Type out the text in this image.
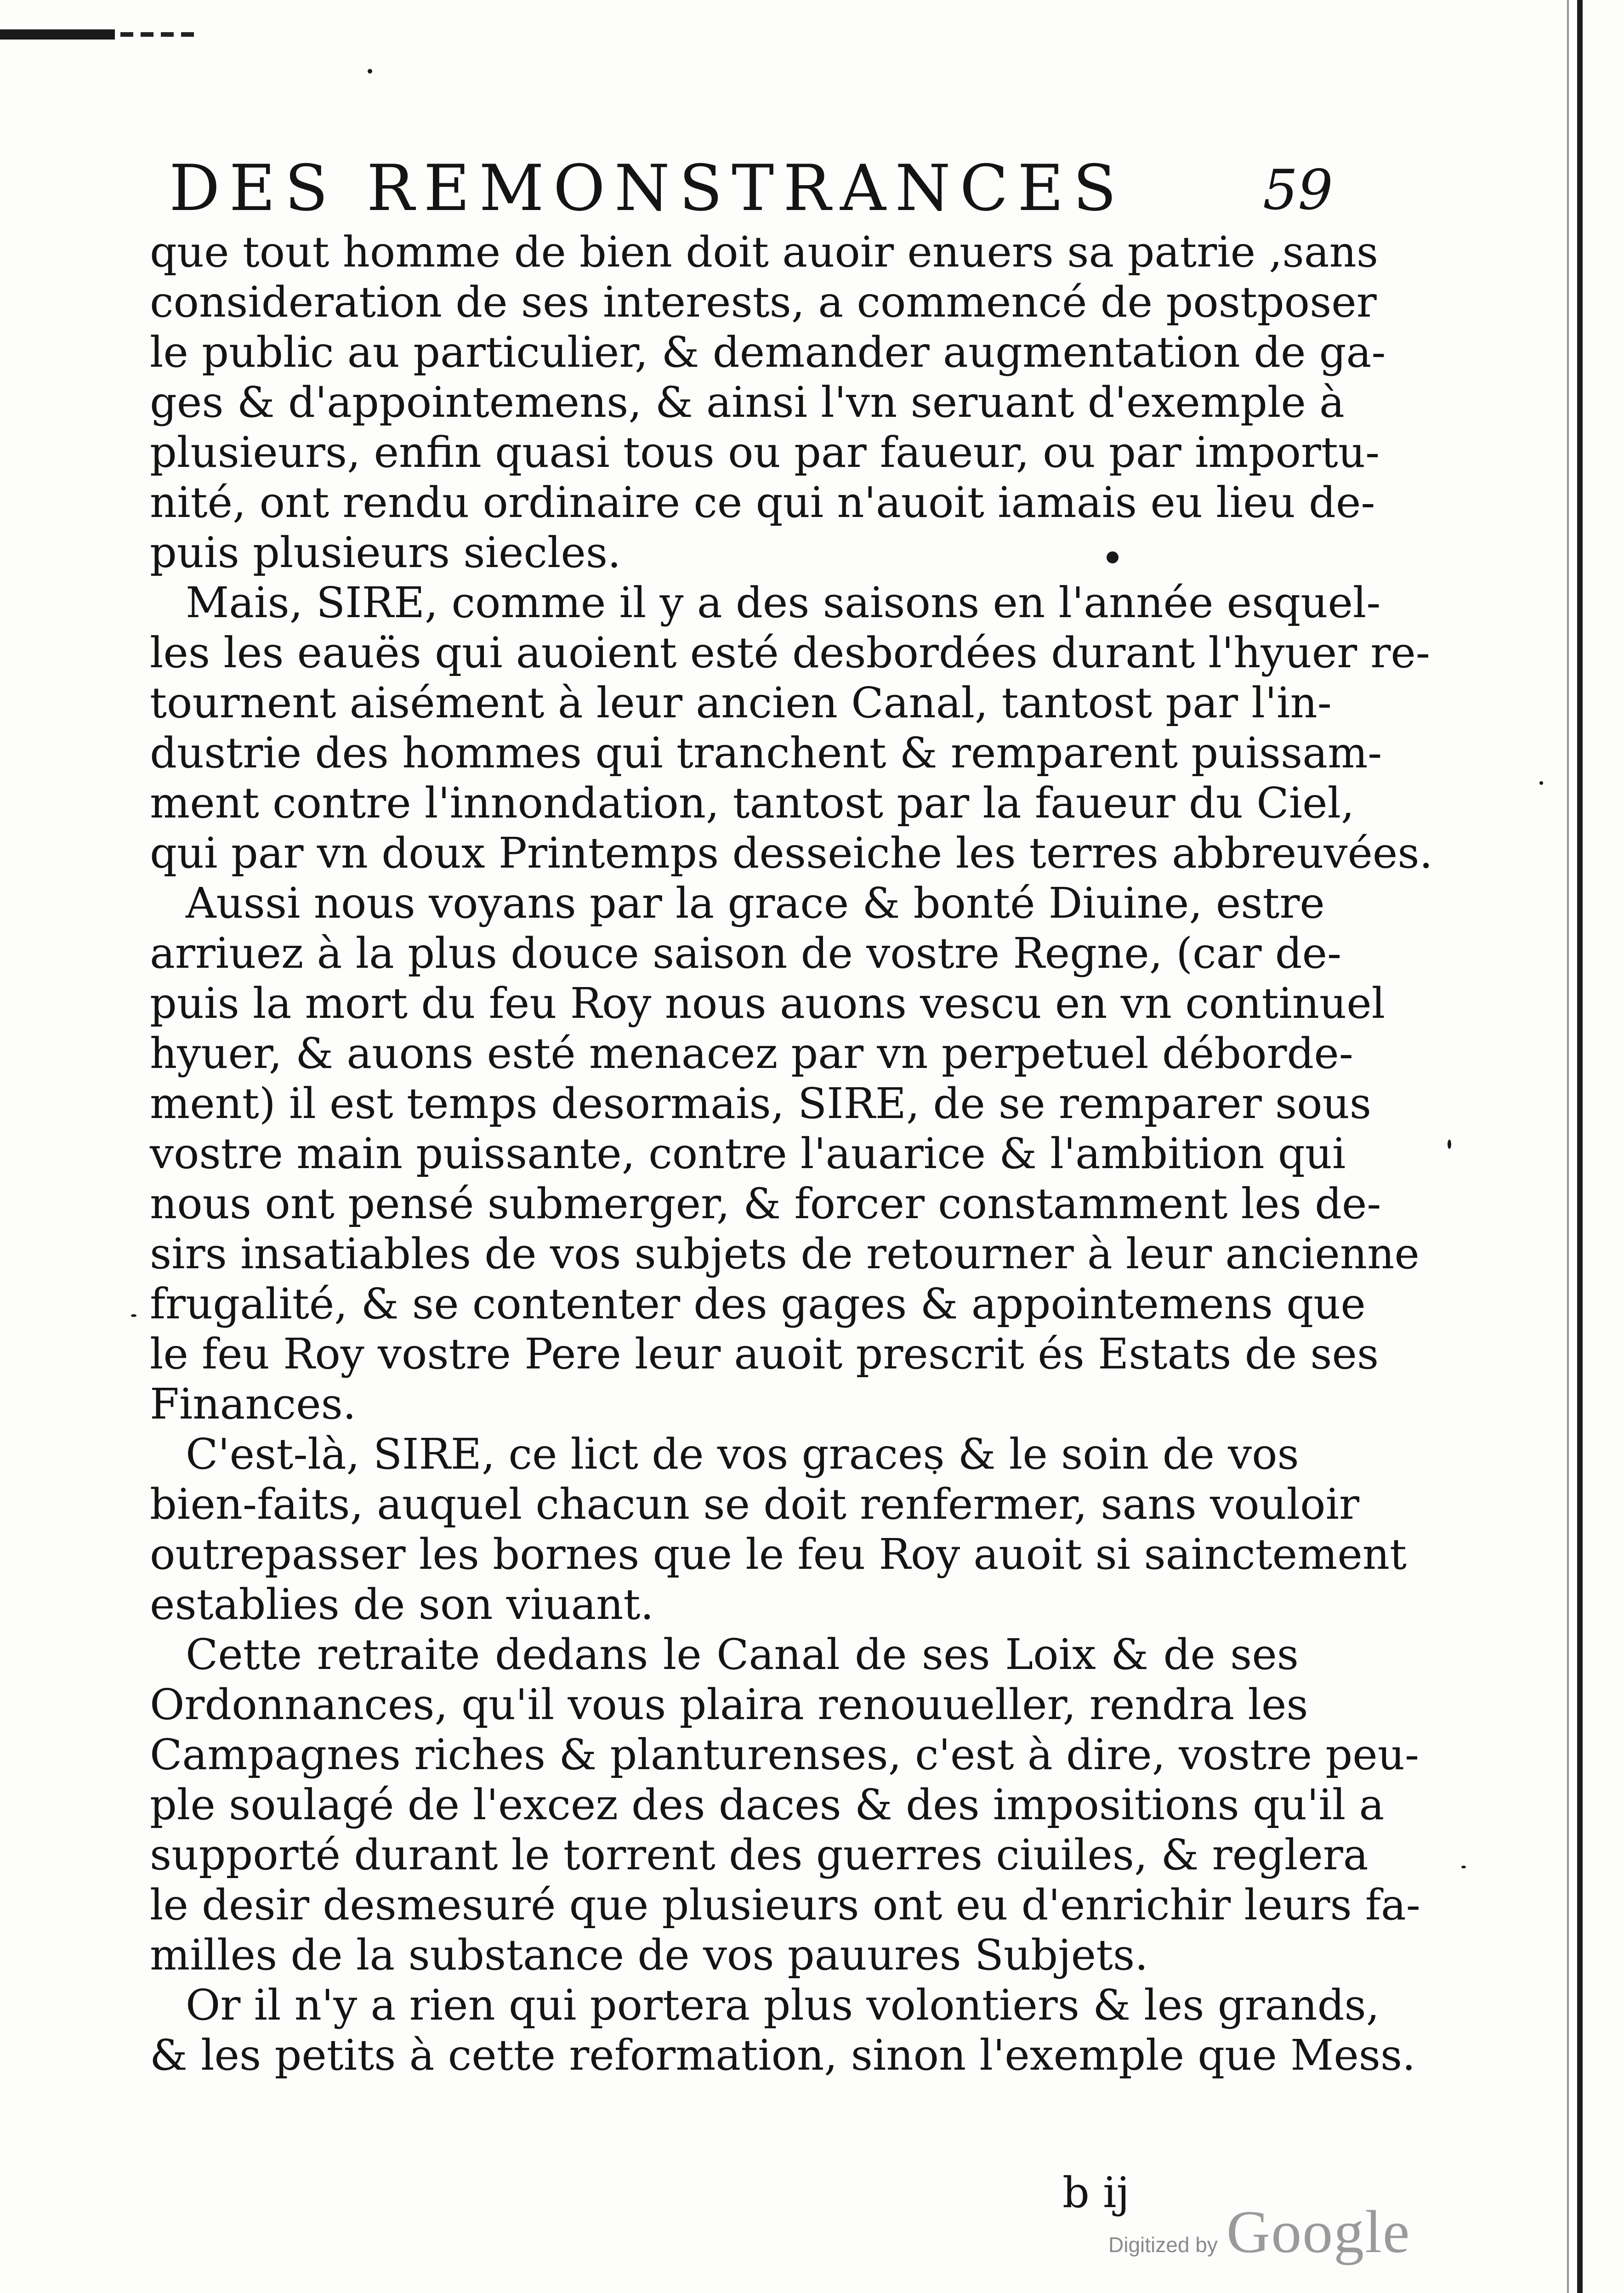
DES REMONSTRANCES 59
que tout homme de bien doit auoir enuers sa patrie ,sans
consideration de ses interests, a commencé de postposer
le public au particulier, & demander augmentation de ga-
ges & d'appointemens, & ainsi l'vn seruant d'exemple à
plusieurs, enfin quasi tous ou par faueur, ou par importu-
nité, ont rendu ordinaire ce qui n'auoit iamais eu lieu de-
puis plusieurs siecles.
Mais, SIRE, comme il y a des saisons en l'année esquel-
les les eauës qui auoient esté desbordées durant l'hyuer re-
tournent aisément à leur ancien Canal, tantost par l'in-
dustrie des hommes qui tranchent & remparent puissam-
ment contre l'innondation, tantost par la faueur du Ciel,
qui par vn doux Printemps desseiche les terres abbreuvées.
Aussi nous voyans par la grace & bonté Diuine, estre
arriuez à la plus douce saison de vostre Regne, (car de-
puis la mort du feu Roy nous auons vescu en vn continuel
hyuer, & auons esté menacez par vn perpetuel déborde-
ment) il est temps desormais, SIRE, de se remparer sous
vostre main puissante, contre l'auarice & l'ambition qui
nous ont pensé submerger, & forcer constamment les de-
sirs insatiables de vos subjets de retourner à leur ancienne
frugalité, & se contenter des gages & appointemens que
le feu Roy vostre Pere leur auoit prescrit és Estats de ses
Finances.
C'est-là, SIRE, ce lict de vos graces & le soin de vos
bien-faits, auquel chacun se doit renfermer, sans vouloir
outrepasser les bornes que le feu Roy auoit si sainctement
establies de son viuant.
Cette retraite dedans le Canal de ses Loix & de ses
Ordonnances, qu'il vous plaira renouueller, rendra les
Campagnes riches & planturenses, c'est à dire, vostre peu-
ple soulagé de l'excez des daces & des impositions qu'il a
supporté durant le torrent des guerres ciuiles, & reglera
le desir desmesuré que plusieurs ont eu d'enrichir leurs fa-
milles de la substance de vos pauures Subjets.
Or il n'y a rien qui portera plus volontiers & les grands,
& les petits à cette reformation, sinon l'exemple que Mess.
b ij
Digitized by Google
